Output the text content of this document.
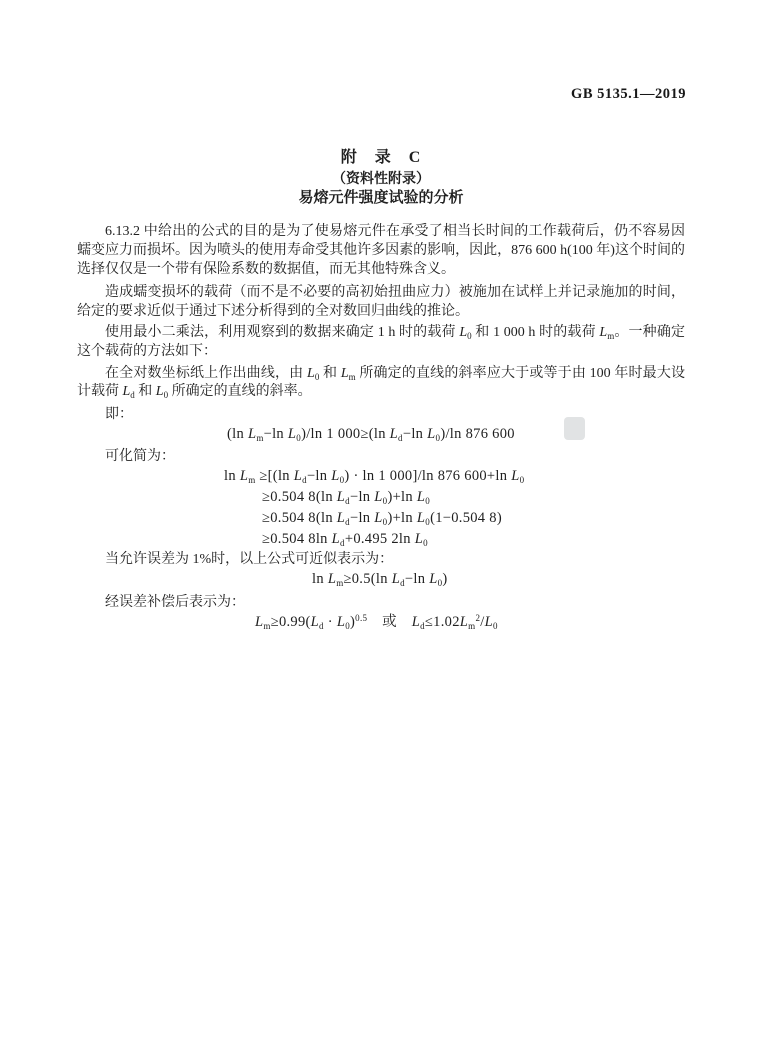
GB 5135.1—2019
附　录　C
（资料性附录）
易熔元件强度试验的分析

6.13.2 中给出的公式的目的是为了使易熔元件在承受了相当长时间的工作载荷后，仍不容易因蠕变应力而损坏。因为喷头的使用寿命受其他许多因素的影响，因此，876 600 h(100 年)这个时间的选择仅仅是一个带有保险系数的数据值，而无其他特殊含义。

造成蠕变损坏的载荷（而不是不必要的高初始扭曲应力）被施加在试样上并记录施加的时间，给定的要求近似于通过下述分析得到的全对数回归曲线的推论。

使用最小二乘法，利用观察到的数据来确定 1 h 时的载荷 $L_0$ 和 1 000 h 时的载荷 $L_m$。一种确定这个载荷的方法如下：

在全对数坐标纸上作出曲线，由 $L_0$ 和 $L_m$ 所确定的直线的斜率应大于或等于由 100 年时最大设计载荷 $L_d$ 和 $L_0$ 所确定的直线的斜率。

即：

(ln $L_m-\ln$ $L_0)/\ln$ 1 000≥(ln $L_d-\ln$ $L_0)/\ln$ 876 600

可化简为：

$\ln L_m \ge[(\ln$ $L_d-\ln$ $L_0) \cdot \ln 1$ 000]/ln 876 600+ln $L_0$
≥0.504 8(ln $L_d-\ln$ $L_0)+\ln$ $L_0$
≥0.504 8(ln $L_d-\ln$ $L_0)+\ln$ $L_0(1-0.504$ 8)
≥0.504 8ln $L_d+0.495$ 2ln $L_0$

当允许误差为 1%时，以上公式可近似表示为：

$\ln L_m\ge 0.5(\ln$ $L_d-\ln$ $L_0$)

经误差补偿后表示为：

$L_m\ge 0.99(L_d \cdot L_0)^{0.5}$　或　$L_d\le 1.02L_m^2/L_0$
